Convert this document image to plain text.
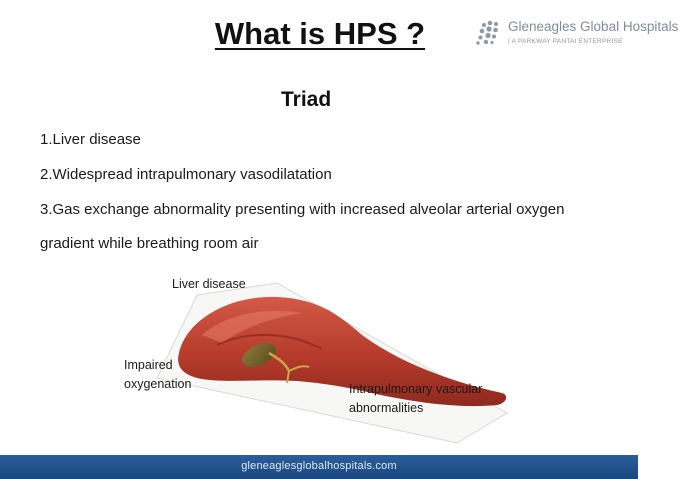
What is HPS ?	Gleneagles Global Hospitals
| A PARKWAY PANTAI ENTERPRISE
Triad
1.Liver disease
2.Widespread intrapulmonary vasodilatation
3.Gas exchange abnormality presenting with increased alveolar arterial oxygen
gradient while breathing room air
Liver disease
Impaired oxygenation	Intrapulmonary vascular abnormalities
gleneaglesglobalhospitals.com
